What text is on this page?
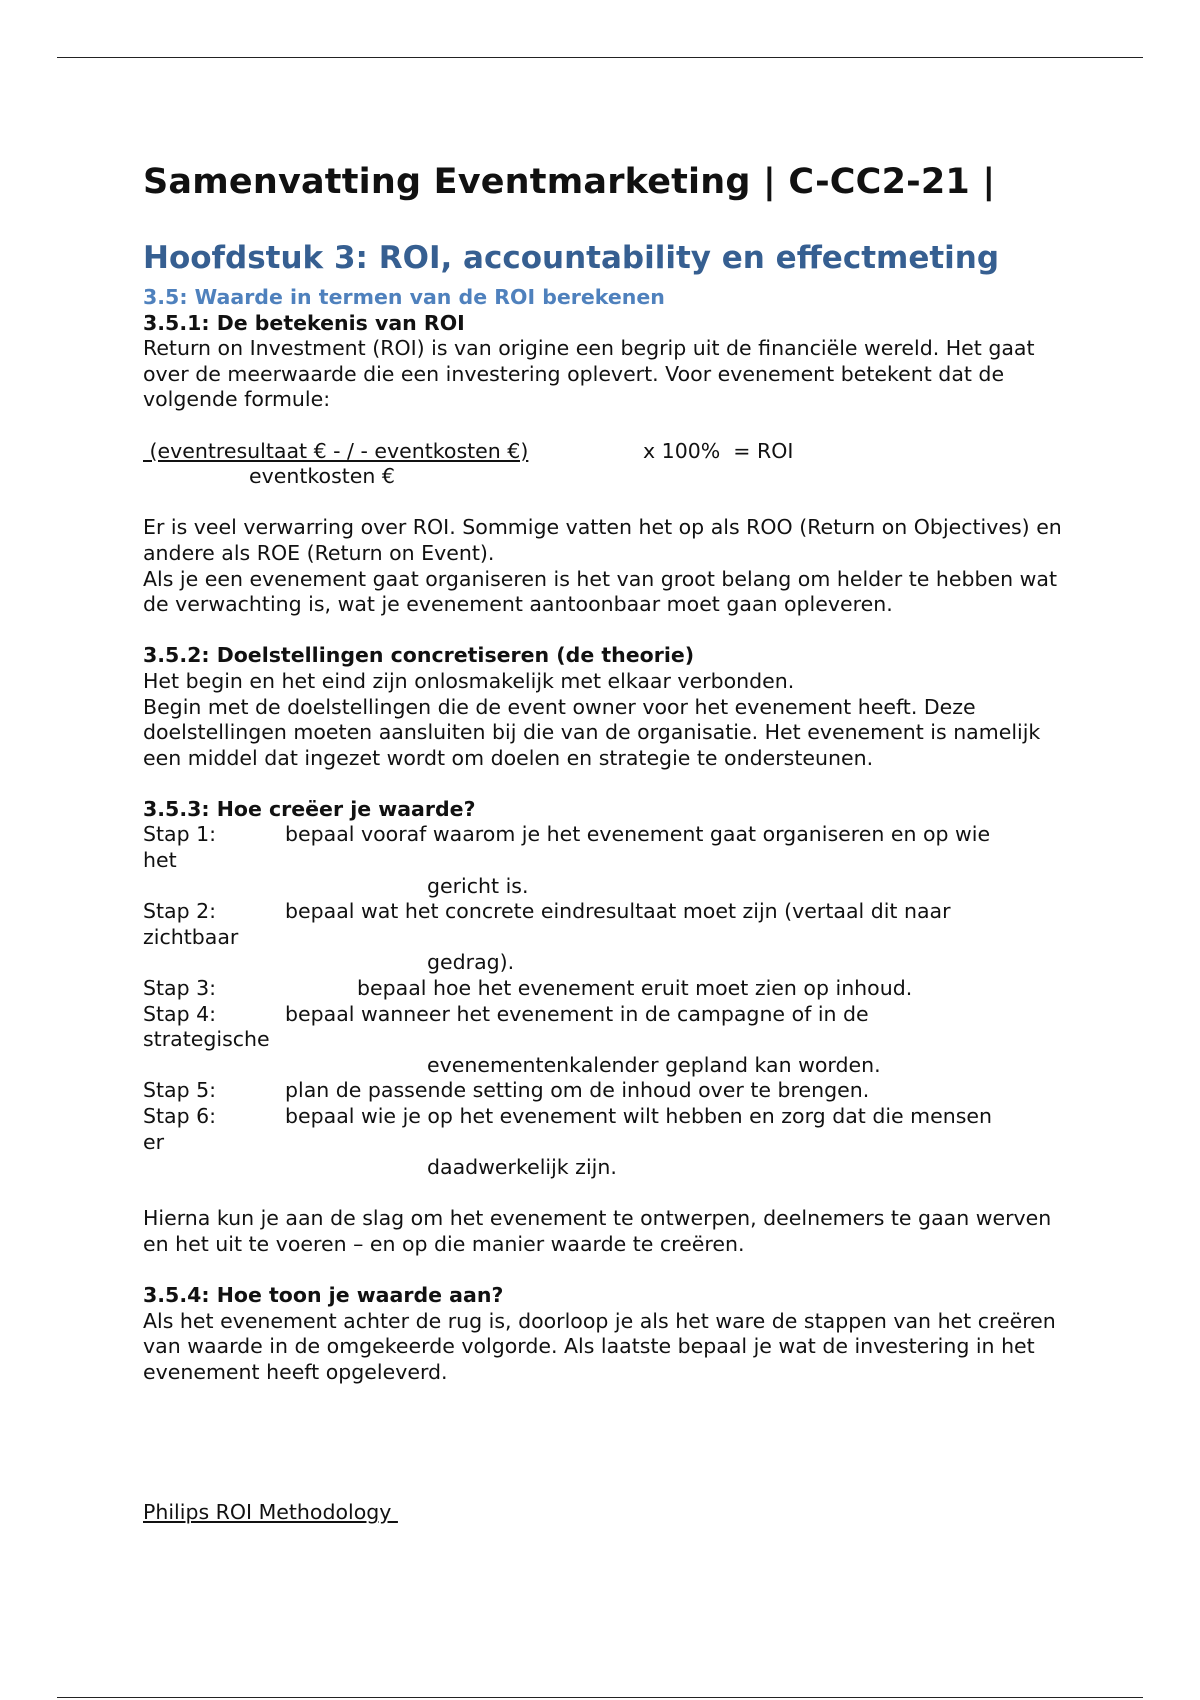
Samenvatting Eventmarketing | C-CC2-21 |
Hoofdstuk 3: ROI, accountability en effectmeting
3.5: Waarde in termen van de ROI berekenen
3.5.1: De betekenis van ROI

Return on Investment (ROI) is van origine een begrip uit de financiële wereld. Het gaat over de meerwaarde die een investering oplevert. Voor evenement betekent dat de volgende formule:

(eventresultaat € - / - eventkosten €)
eventkosten €
x 100%  = ROI

Er is veel verwarring over ROI. Sommige vatten het op als ROO (Return on Objectives) en andere als ROE (Return on Event).

Als je een evenement gaat organiseren is het van groot belang om helder te hebben wat de verwachting is, wat je evenement aantoonbaar moet gaan opleveren.

3.5.2: Doelstellingen concretiseren (de theorie)

Het begin en het eind zijn onlosmakelijk met elkaar verbonden.

Begin met de doelstellingen die de event owner voor het evenement heeft. Deze doelstellingen moeten aansluiten bij die van de organisatie. Het evenement is namelijk een middel dat ingezet wordt om doelen en strategie te ondersteunen.

3.5.3: Hoe creëer je waarde?
Stap 1:	bepaal vooraf waarom je het evenement gaat organiseren en op wie
het
gericht is.
Stap 2:	bepaal wat het concrete eindresultaat moet zijn (vertaal dit naar
zichtbaar
gedrag).
Stap 3:	bepaal hoe het evenement eruit moet zien op inhoud.
Stap 4:	bepaal wanneer het evenement in de campagne of in de
strategische
evenementenkalender gepland kan worden.
Stap 5:	plan de passende setting om de inhoud over te brengen.
Stap 6:	bepaal wie je op het evenement wilt hebben en zorg dat die mensen
er
daadwerkelijk zijn.

Hierna kun je aan de slag om het evenement te ontwerpen, deelnemers te gaan werven en het uit te voeren – en op die manier waarde te creëren.

3.5.4: Hoe toon je waarde aan?

Als het evenement achter de rug is, doorloop je als het ware de stappen van het creëren van waarde in de omgekeerde volgorde. Als laatste bepaal je wat de investering in het evenement heeft opgeleverd.

Philips ROI Methodology
